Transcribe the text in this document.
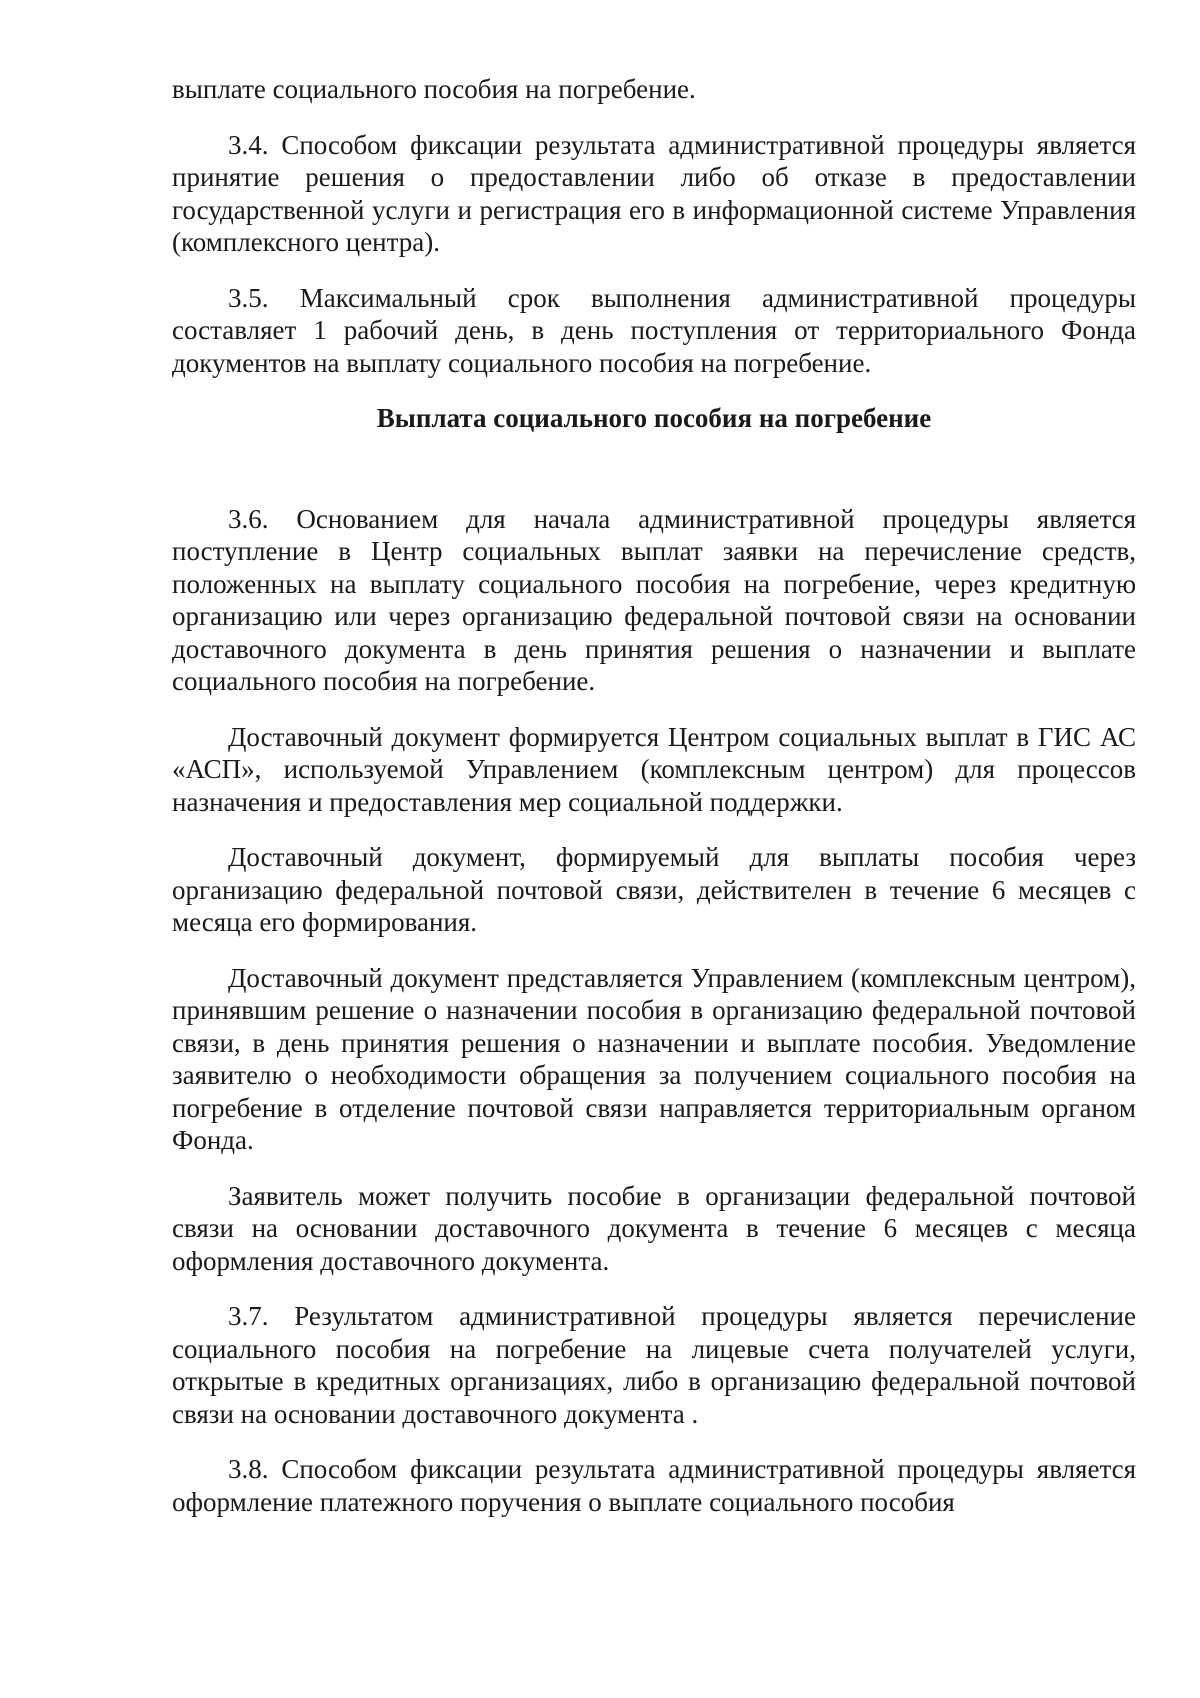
выплате социального пособия на погребение.

3.4. Способом фиксации результата административной процедуры является принятие решения о предоставлении либо об отказе в предоставлении государственной услуги и регистрация его в информационной системе Управления (комплексного центра).

3.5. Максимальный срок выполнения административной процедуры составляет 1 рабочий день, в день поступления от территориального Фонда документов на выплату социального пособия на погребение.

Выплата социального пособия на погребение

3.6. Основанием для начала административной процедуры является поступление в Центр социальных выплат заявки на перечисление средств, положенных на выплату социального пособия на погребение, через кредитную организацию или через организацию федеральной почтовой связи на основании доставочного документа в день принятия решения о назначении и выплате социального пособия на погребение.

Доставочный документ формируется Центром социальных выплат в ГИС АС «АСП», используемой Управлением (комплексным центром) для процессов назначения и предоставления мер социальной поддержки.

Доставочный документ, формируемый для выплаты пособия через организацию федеральной почтовой связи, действителен в течение 6 месяцев с месяца его формирования.

Доставочный документ представляется Управлением (комплексным центром), принявшим решение о назначении пособия в организацию федеральной почтовой связи, в день принятия решения о назначении и выплате пособия. Уведомление заявителю о необходимости обращения за получением социального пособия на погребение в отделение почтовой связи направляется территориальным органом Фонда.

Заявитель может получить пособие в организации федеральной почтовой связи на основании доставочного документа в течение 6 месяцев с месяца оформления доставочного документа.

3.7. Результатом административной процедуры является перечисление социального пособия на погребение на лицевые счета получателей услуги, открытые в кредитных организациях, либо в организацию федеральной почтовой связи на основании доставочного документа .

3.8. Способом фиксации результата административной процедуры является оформление платежного поручения о выплате социального пособия
